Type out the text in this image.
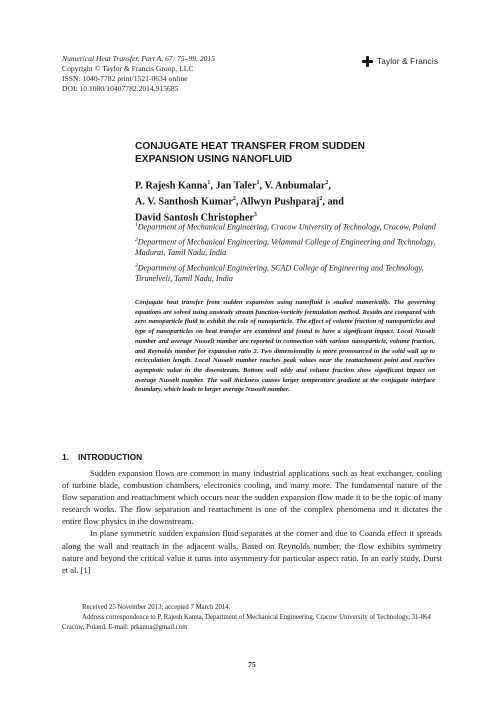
Numerical Heat Transfer, Part A, 67: 75–99, 2015
Copyright © Taylor & Francis Group, LLC
ISSN: 1040-7782 print/1521-0634 online
DOI: 10.1080/10407782.2014.915685
Taylor & Francis
CONJUGATE HEAT TRANSFER FROM SUDDEN
EXPANSION USING NANOFLUID
P. Rajesh Kanna$^1$, Jan Taler$^1$, V. Anbumalar$^2$,
A. V. Santhosh Kumar$^2$, Allwyn Pushparaj$^2$, and
David Santosh Christopher$^3$

$^1$Department of Mechanical Engineering, Cracow University of Technology, Cracow, Poland

$^2$Department of Mechanical Engineering, Velammal College of Engineering and Technology, Madurai, Tamil Nadu, India

$^3$Department of Mechanical Engineering, SCAD College of Engineering and Technology, Tirunelveli, Tamil Nadu, India

Conjugate heat transfer from sudden expansion using nanofluid is studied numerically. The governing equations are solved using unsteady stream function-vorticity formulation method. Results are compared with zero nanoparticle fluid to exhibit the role of nanoparticle. The effect of volume fraction of nanoparticles and type of nanoparticles on heat transfer are examined and found to have a significant impact. Local Nusselt number and average Nusselt number are reported in connection with various nanoparticle, volume fraction, and Reynolds number for expansion ratio 2. Two dimensionality is more pronounced in the solid wall up to recirculation length. Local Nusselt number reaches peak values near the reattachment point and reaches asymptotic value in the downstream. Bottom wall eddy and volume fraction show significant impact on average Nusselt number. The wall thickness causes larger temperature gradient at the conjugate interface boundary, which leads to larger average Nusselt number.

1. INTRODUCTION

Sudden expansion flows are common in many industrial applications such as heat exchanger, cooling of turbine blade, combustion chambers, electronics cooling, and many more. The fundamental nature of the flow separation and reattachment which occurs near the sudden expansion flow made it to be the topic of many research works. The flow separation and reattachment is one of the complex phenomena and it dictates the entire flow physics in the downstream.

In plane symmetric sudden expansion fluid separates at the corner and due to Coanda effect it spreads along the wall and reattach in the adjacent walls. Based on Reynolds number, the flow exhibits symmetry nature and beyond the critical value it turns into asymmetry for particular aspect ratio. In an early study, Durst et al. [1]

Received 25 November 2013; accepted 7 March 2014.

Address correspondence to P. Rajesh Kanna, Department of Mechanical Engineering, Cracow University of Technology, 31-864 Cracow, Poland. E-mail: prkanna@gmail.com

75
